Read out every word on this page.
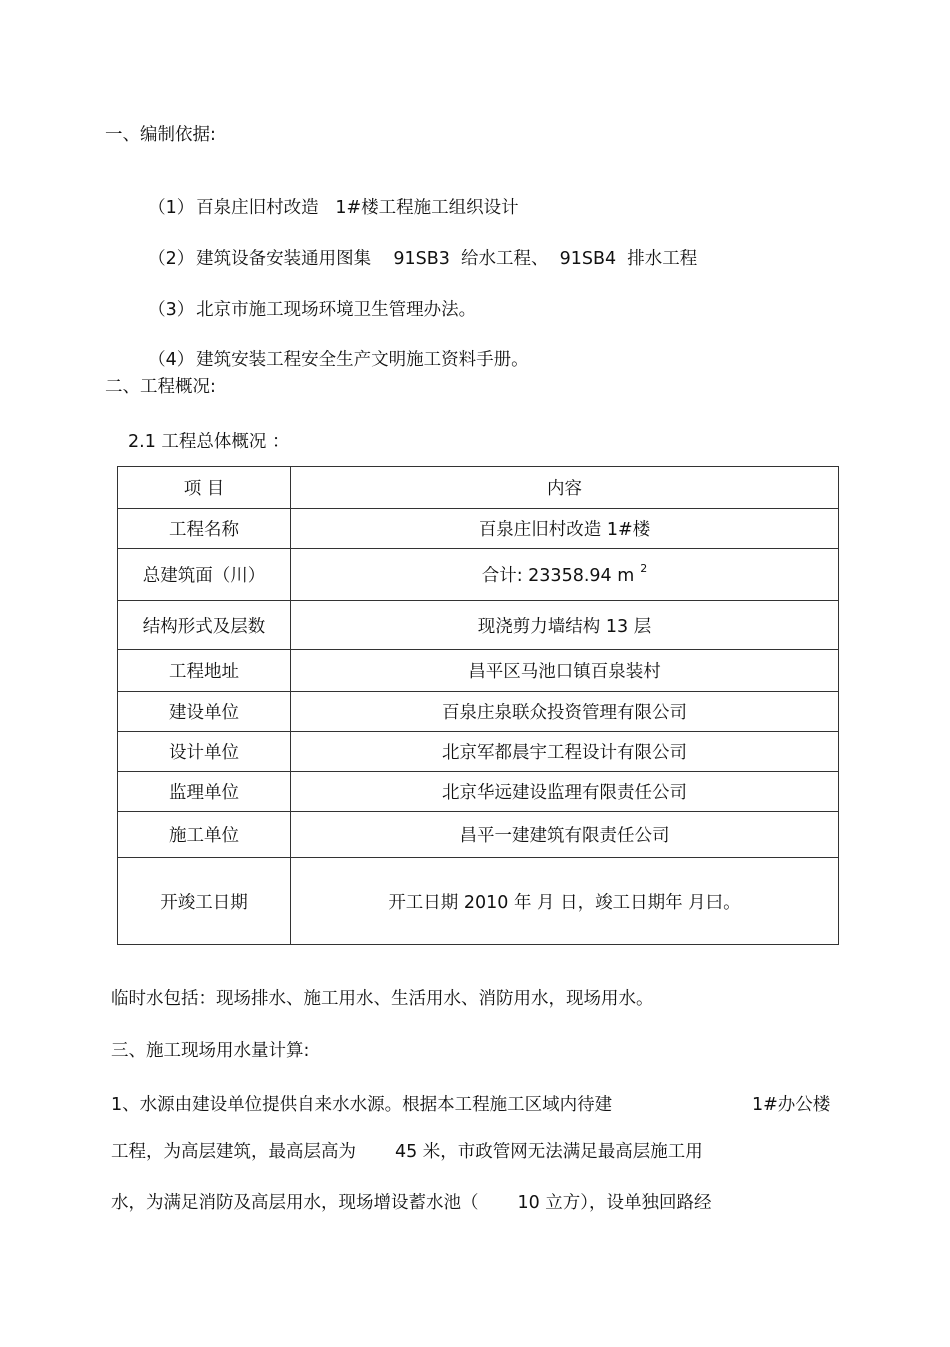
一、编制依据:

（1） 百泉庄旧村改造   1#楼工程施工组织设计

（2） 建筑设备安装通用图集    91SB3  给水工程、  91SB4  排水工程

（3） 北京市施工现场环境卫生管理办法。

（4） 建筑安装工程安全生产文明施工资料手册。

二、工程概况:
2.1 工程总体概况 ：
项 目	内容
工程名称	百泉庄旧村改造 1#楼
总建筑面（川）	合计: 23358.94 m $^2$
结构形式及层数	现浇剪力墙结构 13 层
工程地址	昌平区马池口镇百泉装村
建设单位	百泉庄泉联众投资管理有限公司
设计单位	北京军都晨宇工程设计有限公司
监理单位	北京华远建设监理有限责任公司
施工单位	昌平一建建筑有限责任公司
开竣工日期	开工日期 2010 年 月 日，竣工日期年 月曰。
临时水包括：现场排水、施工用水、生活用水、消防用水，现场用水。
三、施工现场用水量计算:
1、水源由建设单位提供自来水水源。根据本工程施工区域内待建	1#办公楼
工程，为高层建筑，最高层高为       45 米，市政管网无法满足最高层施工用
水，为满足消防及高层用水，现场增设蓄水池（       10 立方），设单独回路经
